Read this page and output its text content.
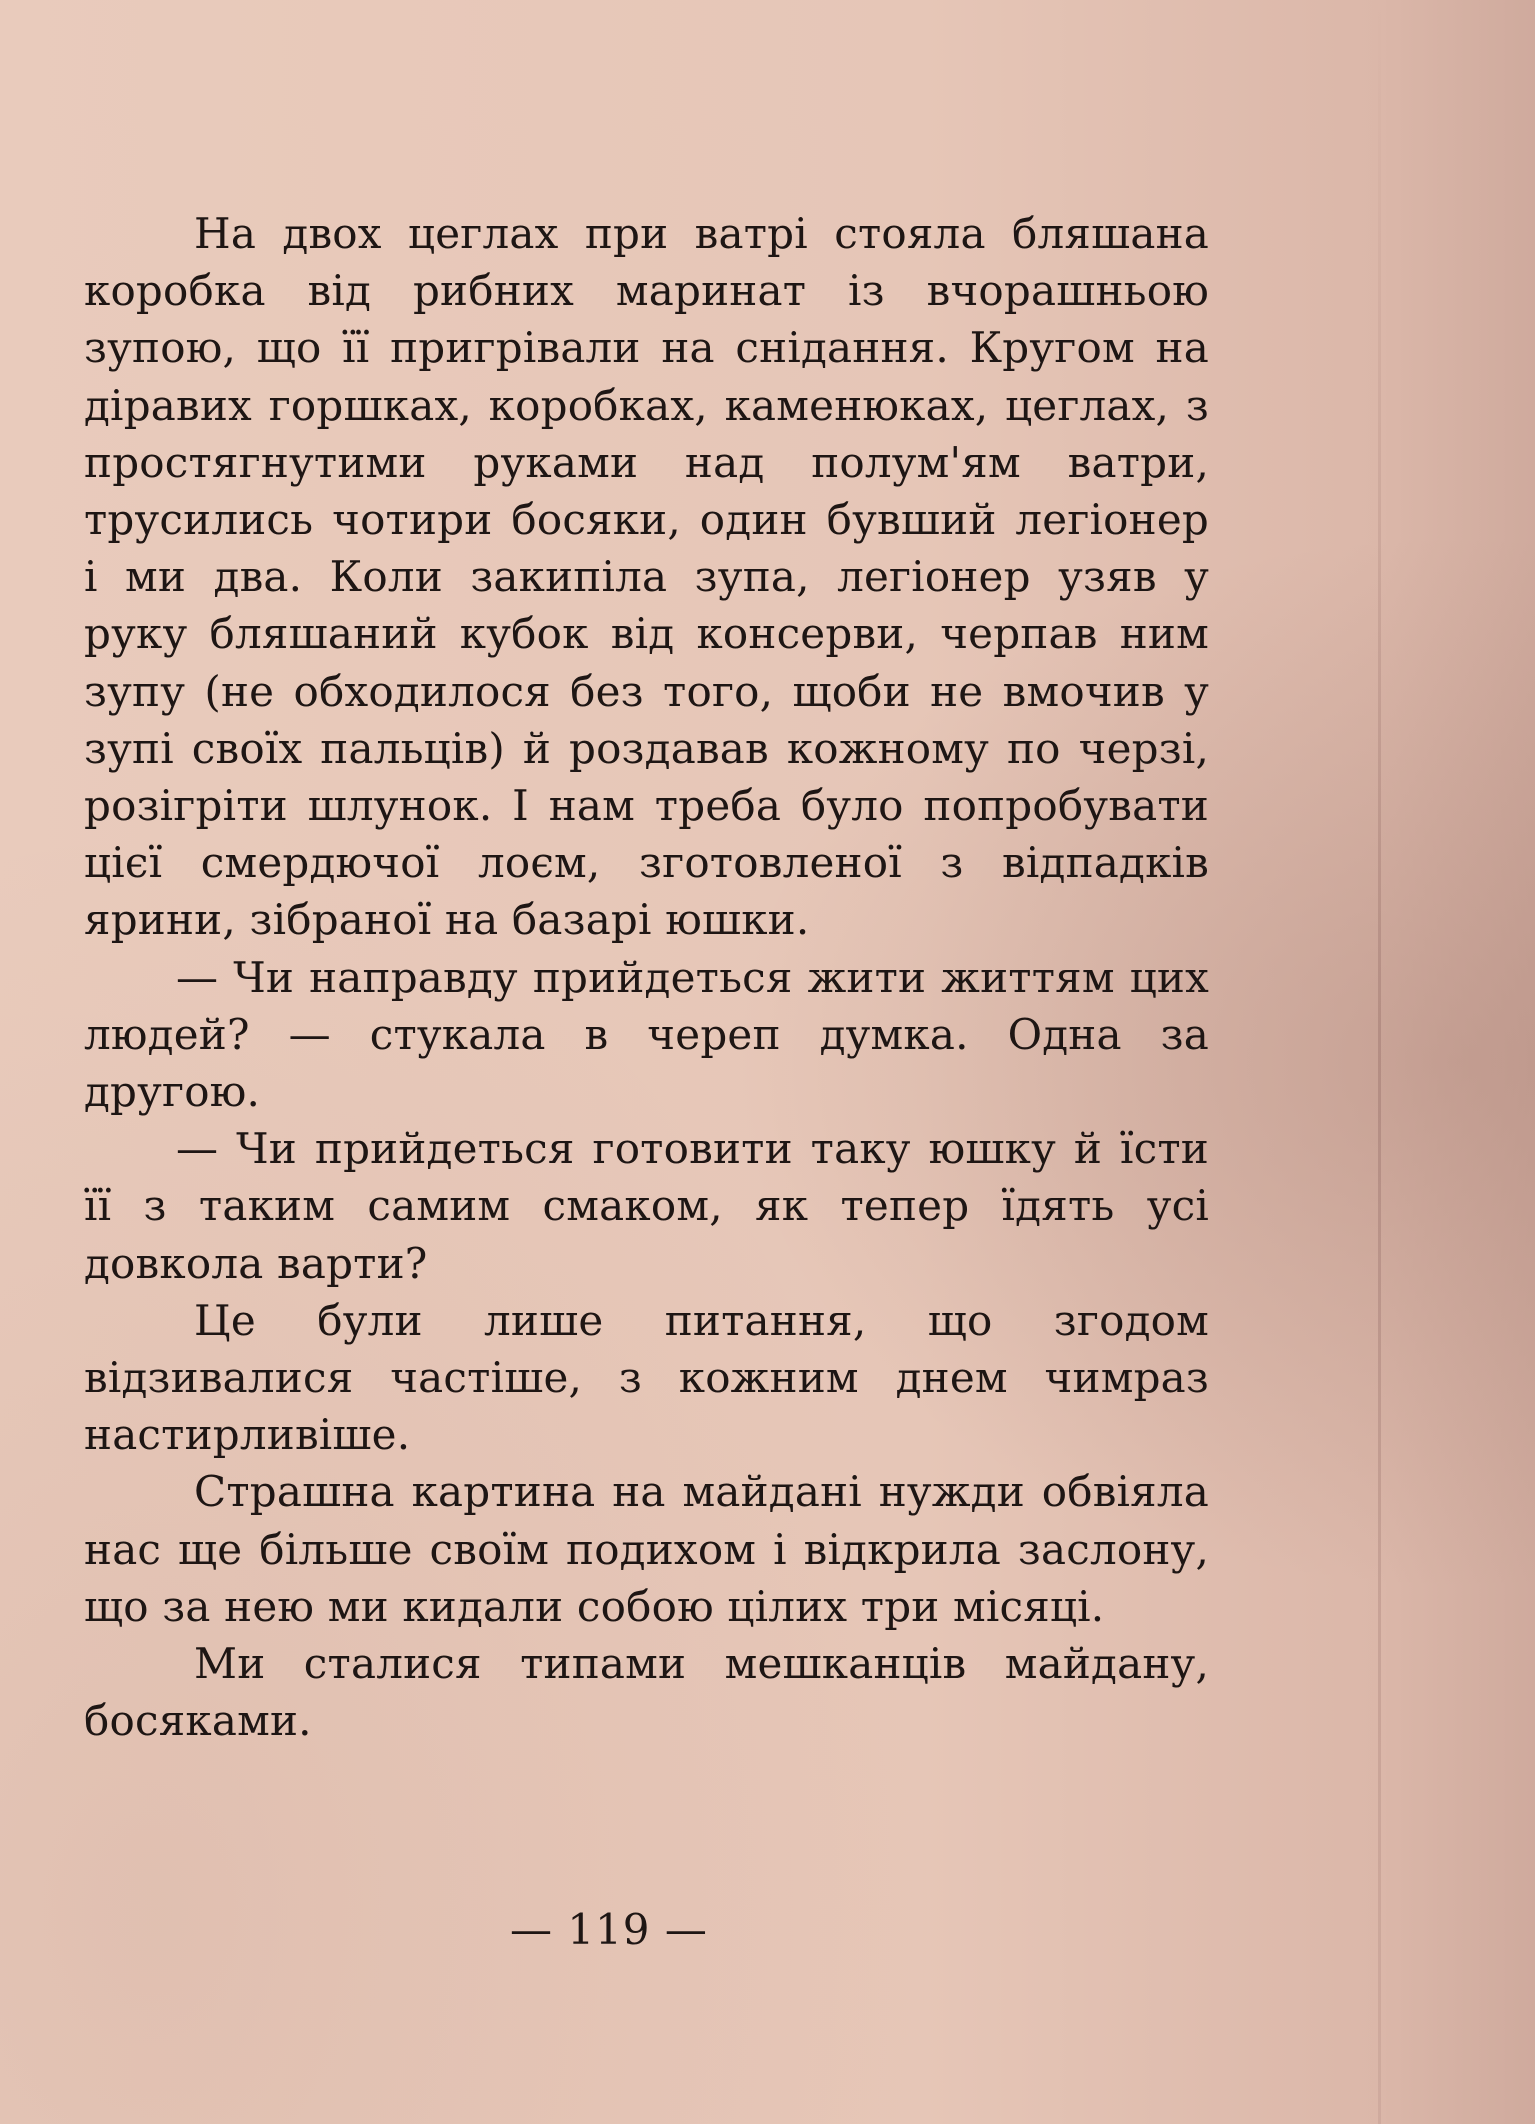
На двох цеглах при ватрі стояла бляшана коробка від рибних маринат із вчорашньою зупою, що її пригрівали на снідання. Кругом на діравих горшках, коробках, каменюках, цеглах, з простягнутими руками над полум'ям ватри, трусились чотири босяки, один бувший легіонер і ми два. Коли закипіла зупа, легіонер узяв у руку бляшаний кубок від консерви, черпав ним зупу (не обходилося без того, щоби не вмочив у зупі своїх пальців) й роздавав кожному по черзі, розігріти шлунок. І нам треба було попробувати цієї смердючої лоєм, зготовленої з відпадків ярини, зібраної на базарі юшки.

— Чи направду прийдеться жити життям цих людей? — стукала в череп думка. Одна за другою.

— Чи прийдеться готовити таку юшку й їсти її з таким самим смаком, як тепер їдять усі довкола варти?

Це були лише питання, що згодом відзивалися частіше, з кожним днем чимраз настирливіше.

Страшна картина на майдані нужди обвіяла нас ще більше своїм подихом і відкрила заслону, що за нею ми кидали собою цілих три місяці.

Ми сталися типами мешканців майдану, босяками.

— 119 —
